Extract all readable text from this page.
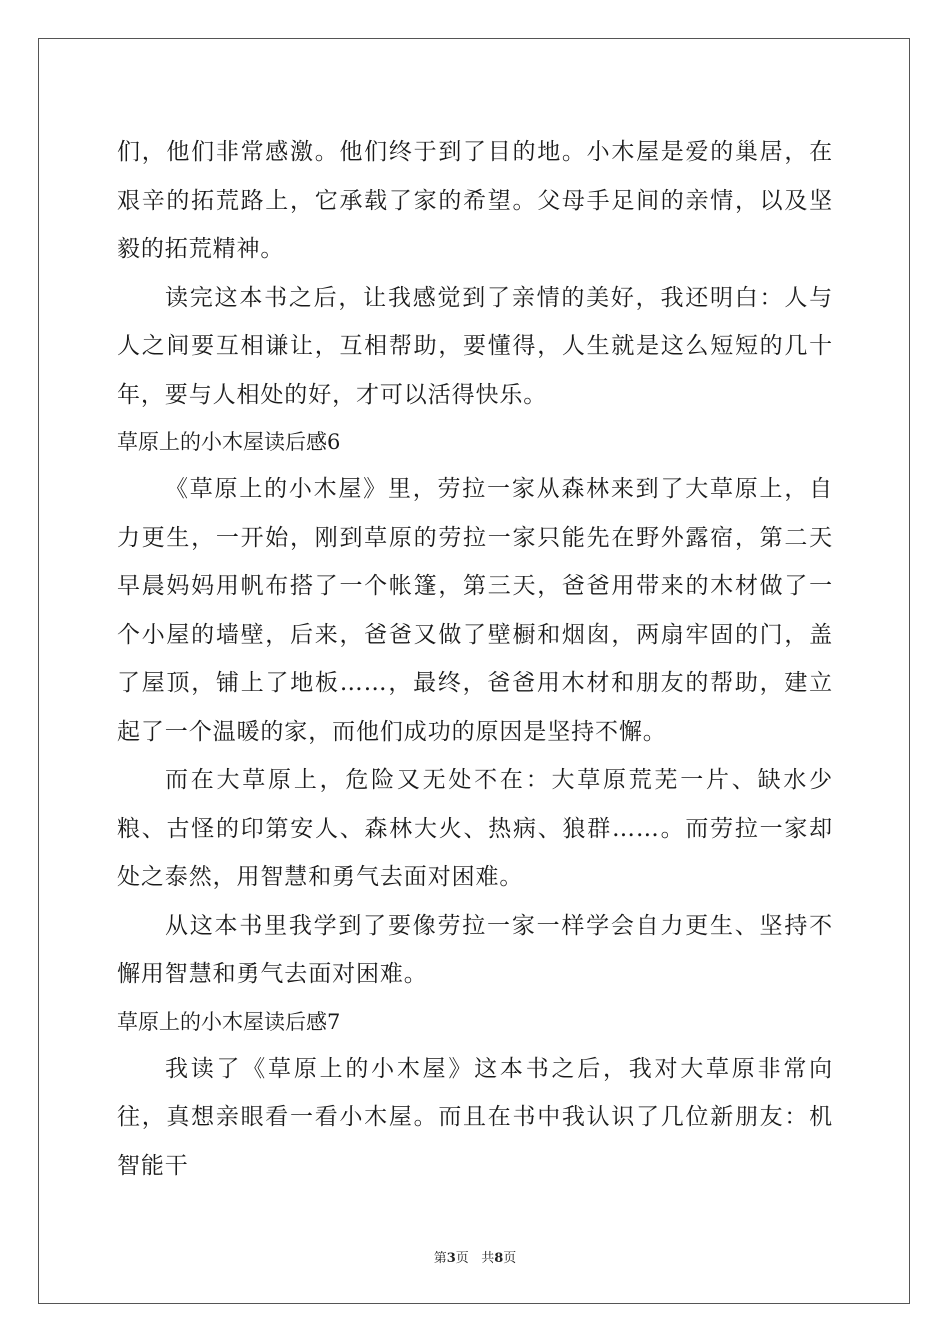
们，他们非常感激。他们终于到了目的地。小木屋是爱的巢居，在艰辛的拓荒路上，它承载了家的希望。父母手足间的亲情，以及坚毅的拓荒精神。

读完这本书之后，让我感觉到了亲情的美好，我还明白：人与人之间要互相谦让，互相帮助，要懂得，人生就是这么短短的几十年，要与人相处的好，才可以活得快乐。

草原上的小木屋读后感6

《草原上的小木屋》里，劳拉一家从森林来到了大草原上，自力更生，一开始，刚到草原的劳拉一家只能先在野外露宿，第二天早晨妈妈用帆布搭了一个帐篷，第三天，爸爸用带来的木材做了一个小屋的墙壁，后来，爸爸又做了壁橱和烟囱，两扇牢固的门，盖了屋顶，铺上了地板……，最终，爸爸用木材和朋友的帮助，建立起了一个温暖的家，而他们成功的原因是坚持不懈。

而在大草原上，危险又无处不在：大草原荒芜一片、缺水少粮、古怪的印第安人、森林大火、热病、狼群……。而劳拉一家却处之泰然，用智慧和勇气去面对困难。

从这本书里我学到了要像劳拉一家一样学会自力更生、坚持不懈用智慧和勇气去面对困难。

草原上的小木屋读后感7

我读了《草原上的小木屋》这本书之后，我对大草原非常向往，真想亲眼看一看小木屋。而且在书中我认识了几位新朋友：机智能干

第3页 共8页
